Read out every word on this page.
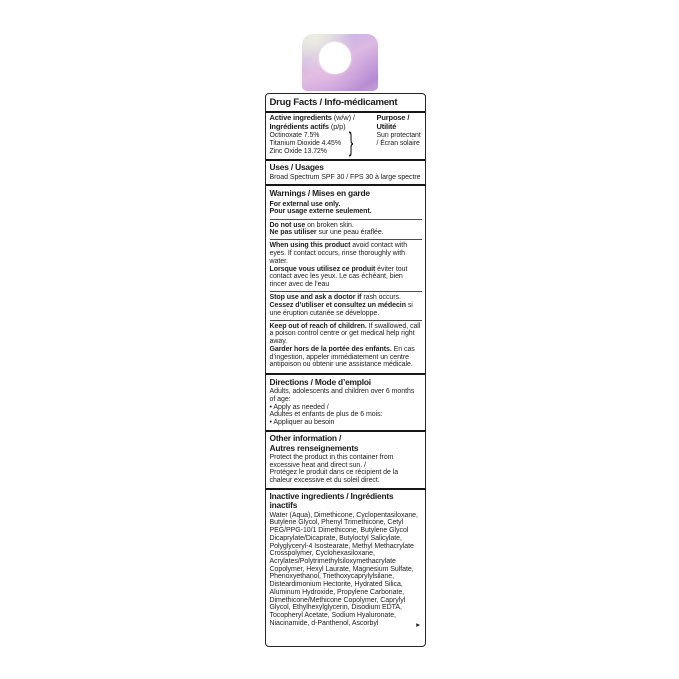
Drug Facts / Info-médicament
Active ingredients (w/w) /
Ingrédients actifs (p/p)
Octinoxate 7.5%
Titanium Dioxide 4.45%
Zinc Oxide 13.72% }
Purpose /
Utilité
Sun protectant / Écran solaire
Uses / Usages
Broad Spectrum SPF 30 / FPS 30 à large spectre
Warnings / Mises en garde
For external use only.
Pour usage externe seulement.
Do not use on broken skin.
Ne pas utiliser sur une peau éraflée.
When using this product avoid contact with eyes. If contact occurs, rinse thoroughly with water.
Lorsque vous utilisez ce produit éviter tout contact avec les yeux. Le cas échéant, bien rincer avec de l’eau
Stop use and ask a doctor if rash occurs.
Cessez d’utiliser et consultez un médecin si une éruption cutanée se développe.
Keep out of reach of children. If swallowed, call a poison control centre or get medical help right away.
Garder hors de la portée des enfants. En cas d’ingestion, appeler immédiatement un centre antipoison ou obtenir une assistance médicale.
Directions / Mode d’emploi
Adults, adolescents and children over 6 months of age:
• Apply as needed /
Adultes et enfants de plus de 6 mois:
• Appliquer au besoin
Other information /
Autres renseignements
Protect the product in this container from excessive heat and direct sun. /
Protégez le produit dans ce récipient de la chaleur excessive et du soleil direct.
Inactive ingredients / Ingrédients
inactifs
Water (Aqua), Dimethicone, Cyclopentasiloxane, Butylene Glycol, Phenyl Trimethicone, Cetyl PEG/PPG-10/1 Dimethicone, Butylene Glycol Dicaprylate/Dicaprate, Butyloctyl Salicylate, Polyglyceryl-4 Isostearate, Methyl Methacrylate Crosspolymer, Cyclohexasiloxane, Acrylates/Polytrimethylsiloxymethacrylate Copolymer, Hexyl Laurate, Magnesium Sulfate, Phenoxyethanol, Triethoxycaprylylsilane, Disteardimonium Hectorite, Hydrated Silica, Aluminum Hydroxide, Propylene Carbonate, Dimethicone/Methicone Copolymer, Caprylyl Glycol, Ethylhexylglycerin, Disodium EDTA, Tocopheryl Acetate, Sodium Hyaluronate, Niacinamide, d-Panthenol, Ascorbyl	▸
